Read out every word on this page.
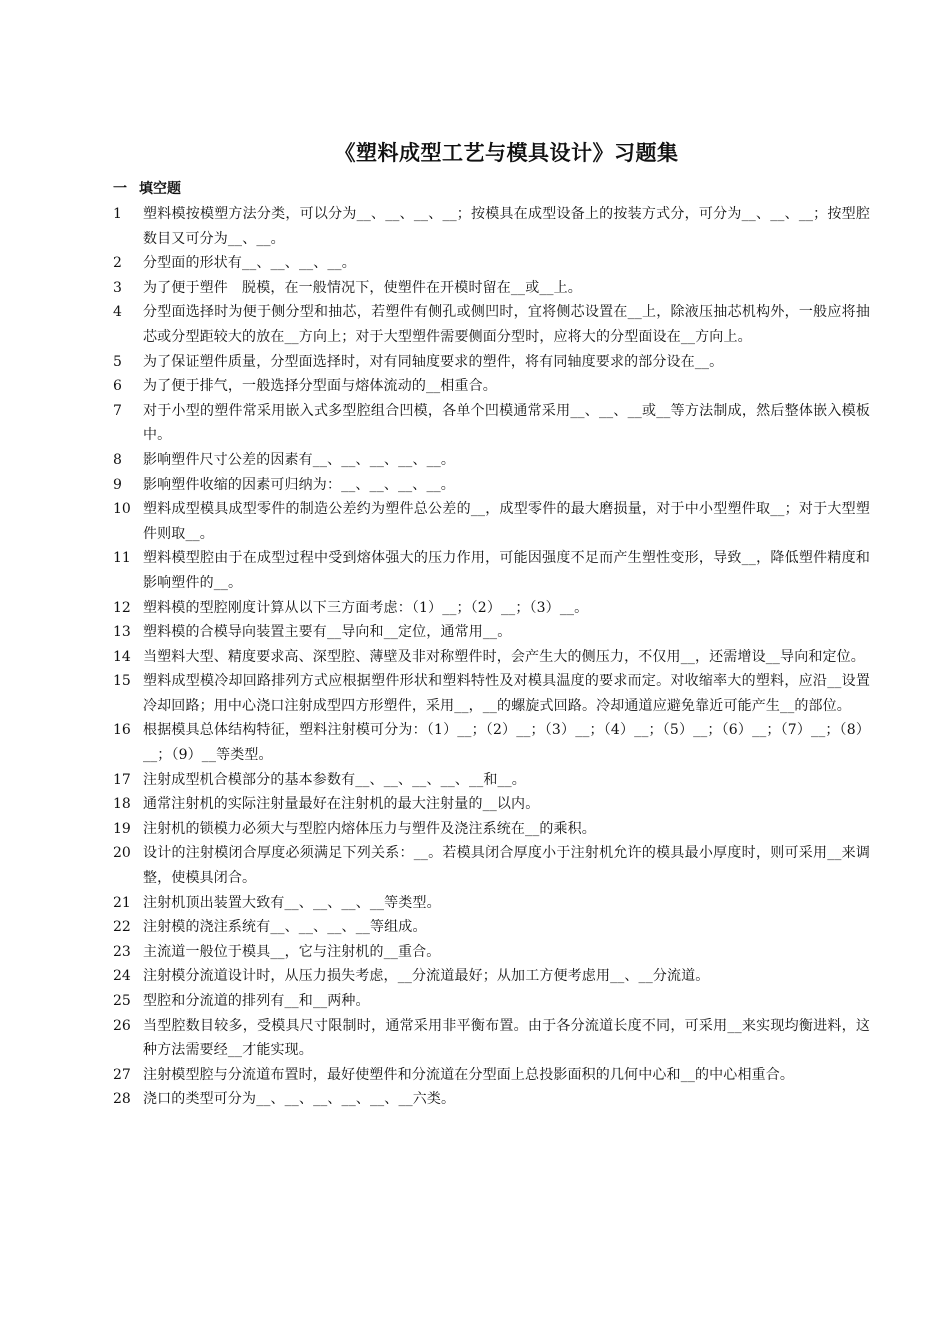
《塑料成型工艺与模具设计》习题集
一 填空题
1	塑料模按模塑方法分类，可以分为__、__、__、__；按模具在成型设备上的按装方式分，可分为__、__、__；按型腔数目又可分为__、__。
2	分型面的形状有__、__、__、__。
3	为了便于塑件　脱模，在一般情况下，使塑件在开模时留在__或__上。
4	分型面选择时为便于侧分型和抽芯，若塑件有侧孔或侧凹时，宜将侧芯设置在__上，除液压抽芯机构外，一般应将抽芯或分型距较大的放在__方向上；对于大型塑件需要侧面分型时，应将大的分型面设在__方向上。
5	为了保证塑件质量，分型面选择时，对有同轴度要求的塑件，将有同轴度要求的部分设在__。
6	为了便于排气，一般选择分型面与熔体流动的__相重合。
7	对于小型的塑件常采用嵌入式多型腔组合凹模，各单个凹模通常采用__、__、__或__等方法制成，然后整体嵌入模板中。
8	影响塑件尺寸公差的因素有__、__、__、__、__。
9	影响塑件收缩的因素可归纳为：__、__、__、__。
10 塑料成型模具成型零件的制造公差约为塑件总公差的__，成型零件的最大磨损量，对于中小型塑件取__；对于大型塑件则取__。
11 塑料模型腔由于在成型过程中受到熔体强大的压力作用，可能因强度不足而产生塑性变形，导致__，降低塑件精度和影响塑件的__。
12 塑料模的型腔刚度计算从以下三方面考虑：（1）__；（2）__；（3）__。
13 塑料模的合模导向装置主要有__导向和__定位，通常用__。
14 当塑料大型、精度要求高、深型腔、薄壁及非对称塑件时，会产生大的侧压力，不仅用__，还需增设__导向和定位。
15 塑料成型模冷却回路排列方式应根据塑件形状和塑料特性及对模具温度的要求而定。对收缩率大的塑料，应沿__设置冷却回路；用中心浇口注射成型四方形塑件，采用__，__的螺旋式回路。冷却通道应避免靠近可能产生__的部位。
16 根据模具总体结构特征，塑料注射模可分为：（1）__；（2）__；（3）__；（4）__；（5）__；（6）__；（7）__；（8）__；（9）__等类型。
17 注射成型机合模部分的基本参数有__、__、__、__、__和__。
18 通常注射机的实际注射量最好在注射机的最大注射量的__以内。
19 注射机的锁模力必须大与型腔内熔体压力与塑件及浇注系统在__的乘积。
20 设计的注射模闭合厚度必须满足下列关系：__。若模具闭合厚度小于注射机允许的模具最小厚度时，则可采用__来调整，使模具闭合。
21 注射机顶出装置大致有__、__、__、__等类型。
22 注射模的浇注系统有__、__、__、__等组成。
23 主流道一般位于模具__，它与注射机的__重合。
24 注射模分流道设计时，从压力损失考虑，__分流道最好；从加工方便考虑用__、__分流道。
25 型腔和分流道的排列有__和__两种。
26 当型腔数目较多，受模具尺寸限制时，通常采用非平衡布置。由于各分流道长度不同，可采用__来实现均衡进料，这种方法需要经__才能实现。
27 注射模型腔与分流道布置时，最好使塑件和分流道在分型面上总投影面积的几何中心和__的中心相重合。
28 浇口的类型可分为__、__、__、__、__、__六类。
